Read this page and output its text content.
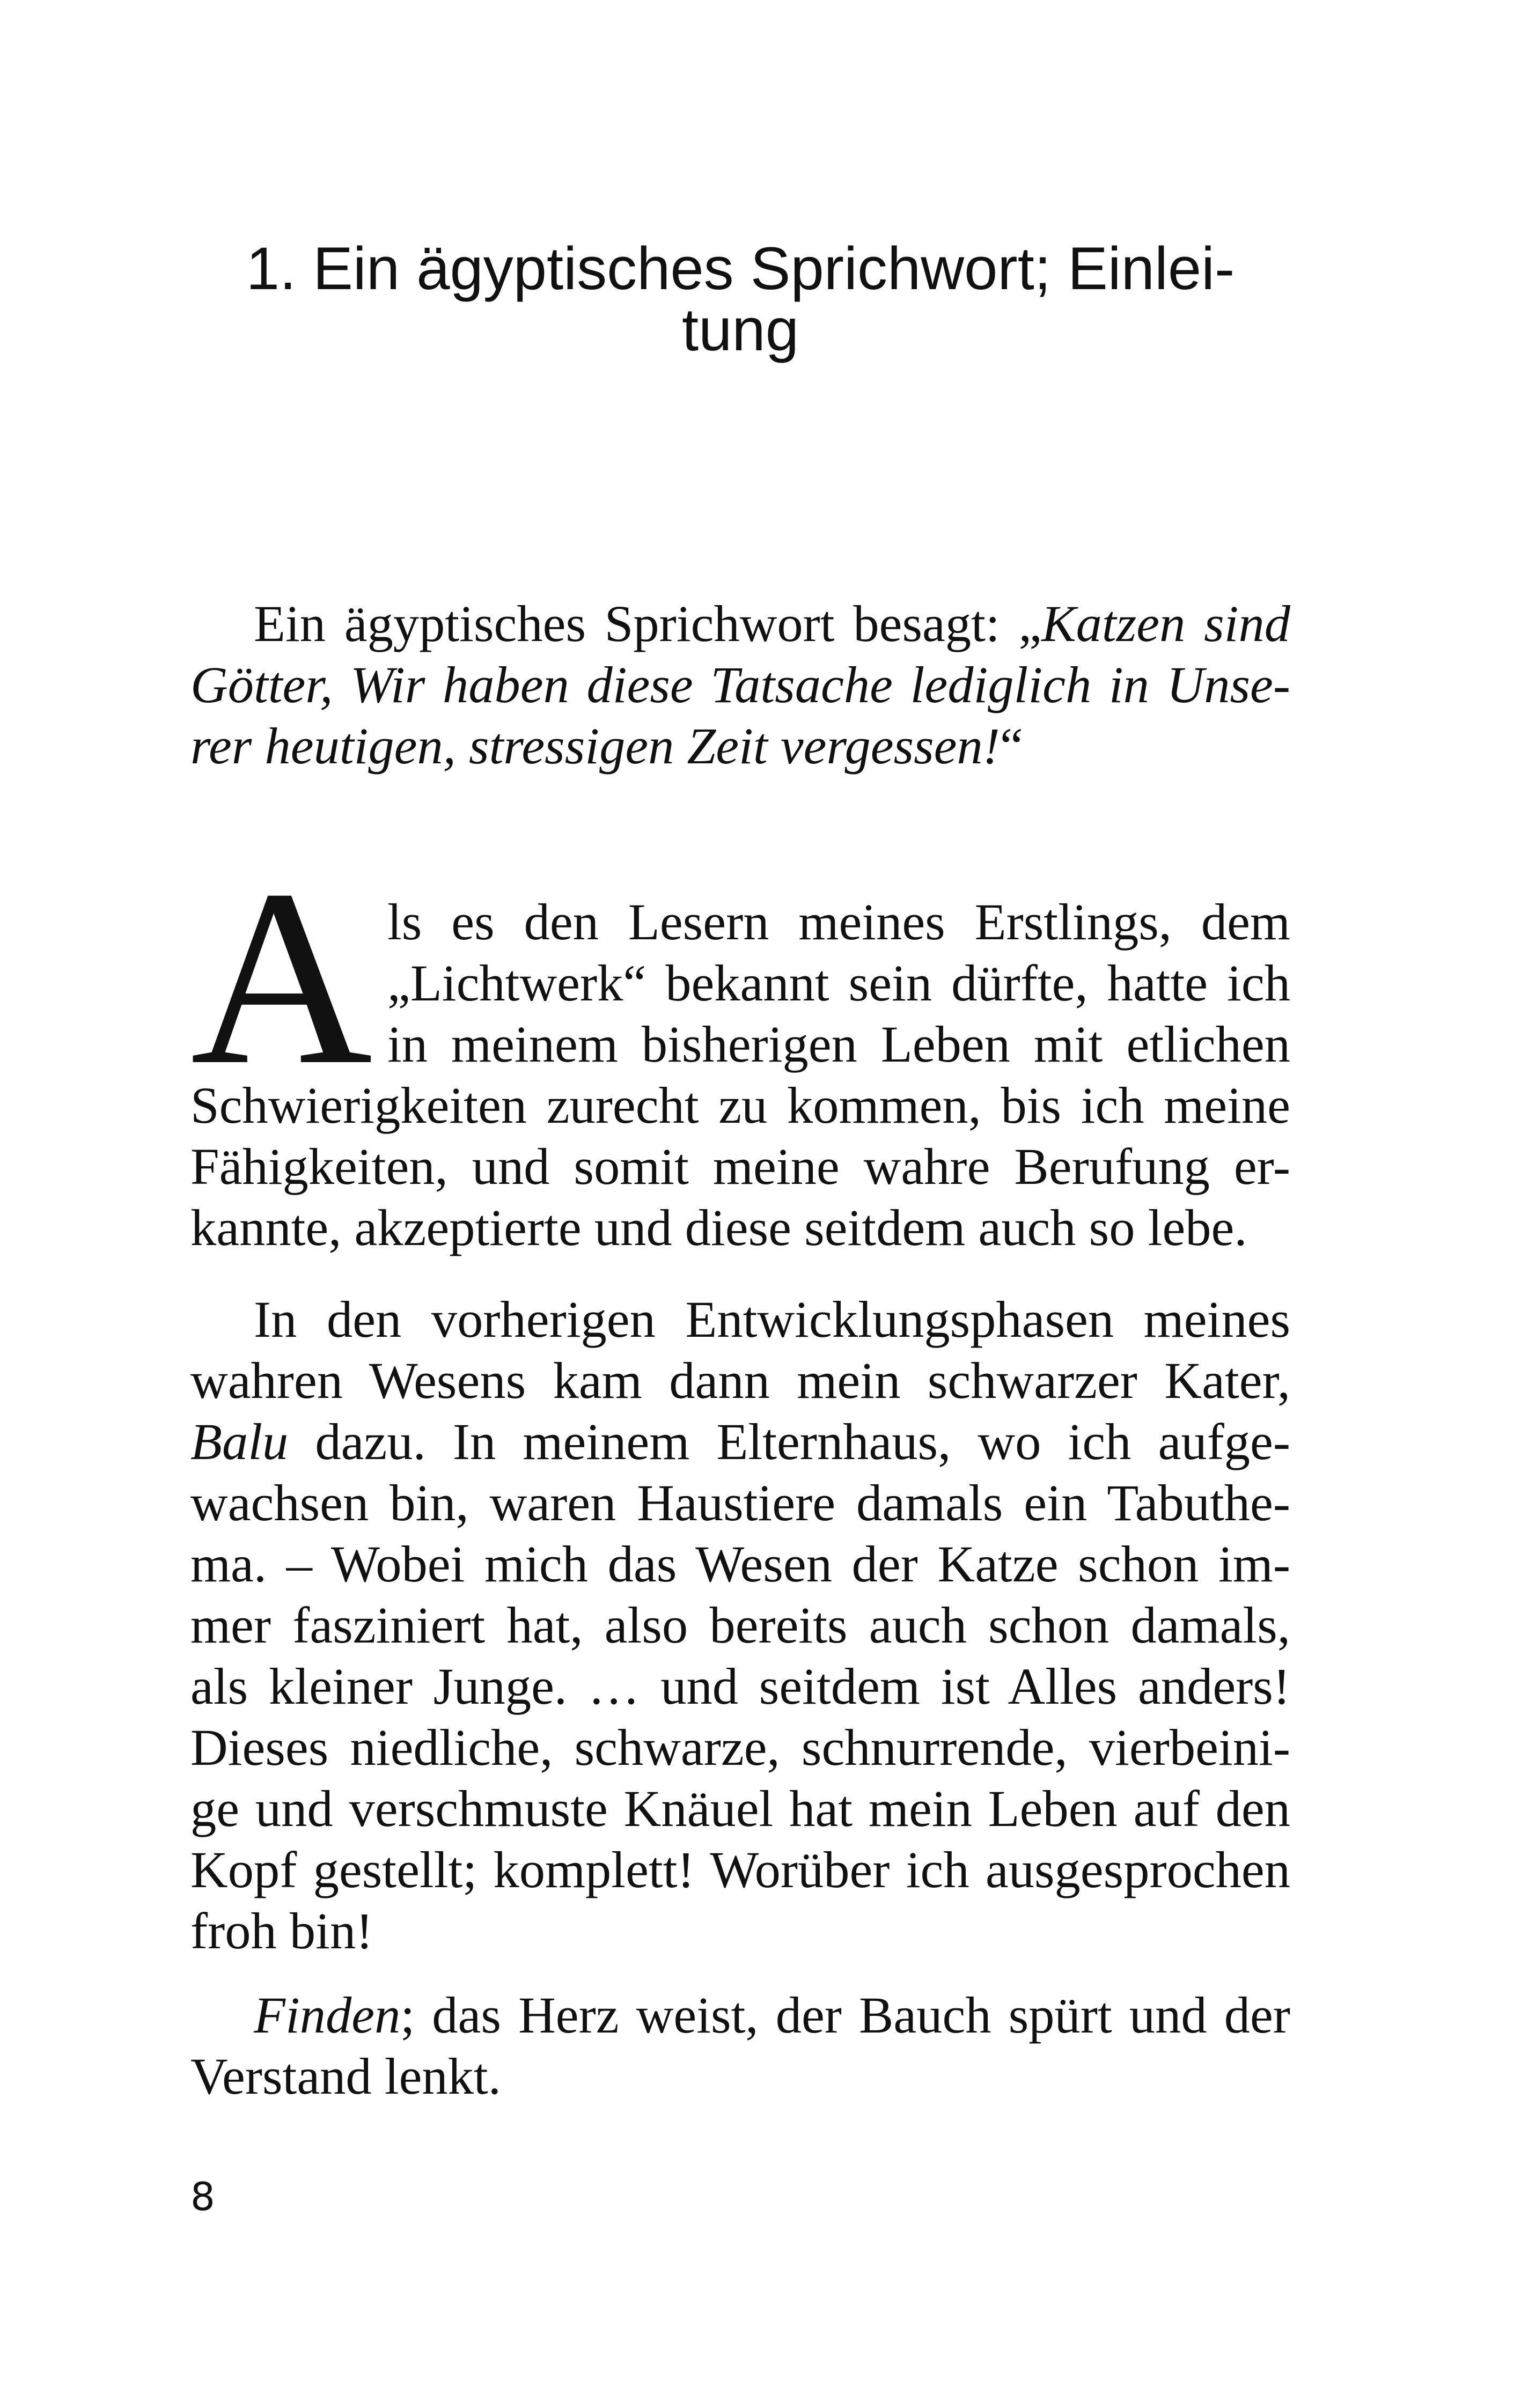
1. Ein ägyptisches Sprichwort; Einlei-
tung
Ein ägyptisches Sprichwort besagt: „Katzen sind
Götter, Wir haben diese Tatsache lediglich in Unse-
rer heutigen, stressigen Zeit vergessen!“
A ls es den Lesern meines Erstlings, dem
„Lichtwerk“ bekannt sein dürfte, hatte ich
in meinem bisherigen Leben mit etlichen
Schwierigkeiten zurecht zu kommen, bis ich meine
Fähigkeiten, und somit meine wahre Berufung er-
kannte, akzeptierte und diese seitdem auch so lebe.
In den vorherigen Entwicklungsphasen meines
wahren Wesens kam dann mein schwarzer Kater,
Balu dazu. In meinem Elternhaus, wo ich aufge-
wachsen bin, waren Haustiere damals ein Tabuthe-
ma. – Wobei mich das Wesen der Katze schon im-
mer fasziniert hat, also bereits auch schon damals,
als kleiner Junge. … und seitdem ist Alles anders!
Dieses niedliche, schwarze, schnurrende, vierbeini-
ge und verschmuste Knäuel hat mein Leben auf den
Kopf gestellt; komplett! Worüber ich ausgesprochen
froh bin!
Finden; das Herz weist, der Bauch spürt und der
Verstand lenkt.
8
